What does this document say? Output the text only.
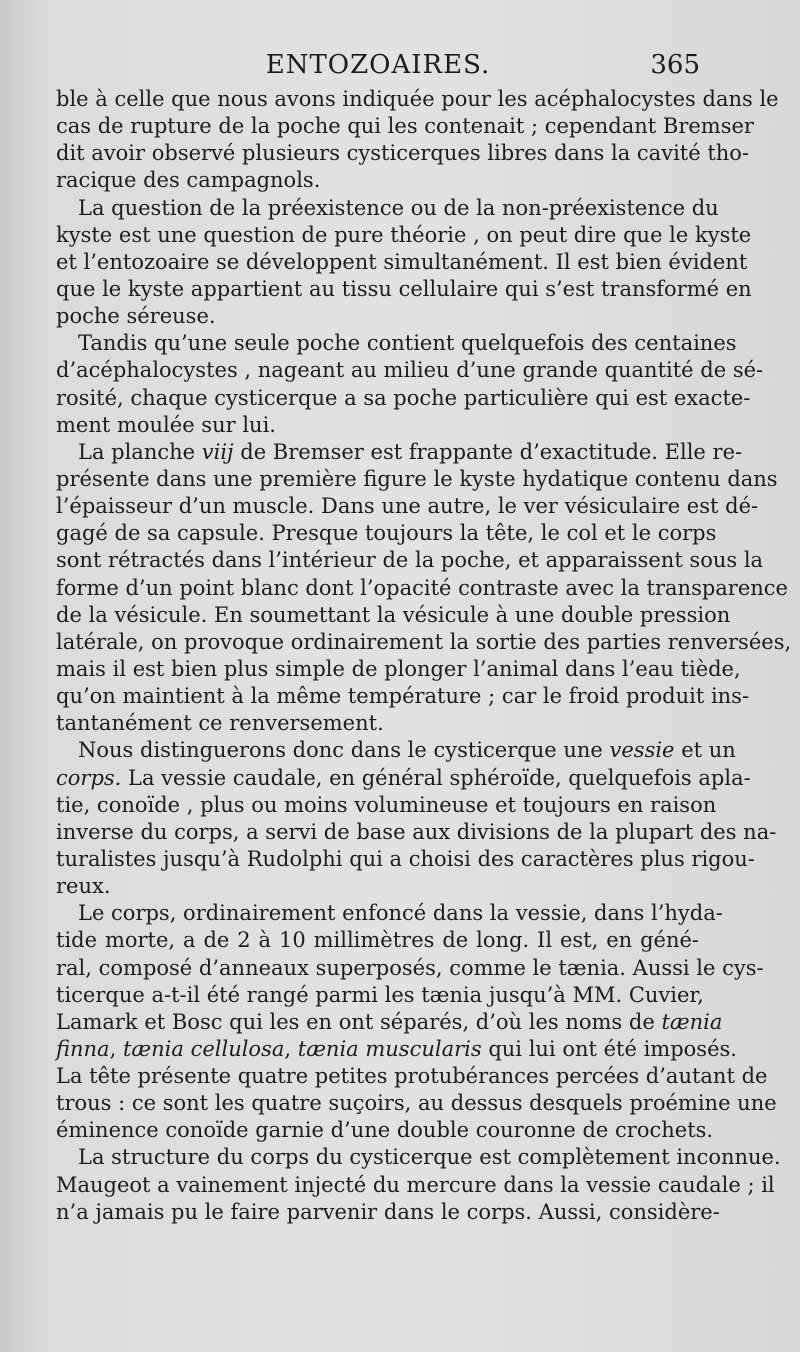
ENTOZOAIRES.	365
ble à celle que nous avons indiquée pour les acéphalocystes dans le
cas de rupture de la poche qui les contenait ; cependant Bremser
dit avoir observé plusieurs cysticerques libres dans la cavité tho-
racique des campagnols.
La question de la préexistence ou de la non-préexistence du
kyste est une question de pure théorie , on peut dire que le kyste
et l’entozoaire se développent simultanément. Il est bien évident
que le kyste appartient au tissu cellulaire qui s’est transformé en
poche séreuse.
Tandis qu’une seule poche contient quelquefois des centaines
d’acéphalocystes , nageant au milieu d’une grande quantité de sé-
rosité, chaque cysticerque a sa poche particulière qui est exacte-
ment moulée sur lui.
La planche viij de Bremser est frappante d’exactitude. Elle re-
présente dans une première figure le kyste hydatique contenu dans
l’épaisseur d’un muscle. Dans une autre, le ver vésiculaire est dé-
gagé de sa capsule. Presque toujours la tête, le col et le corps
sont rétractés dans l’intérieur de la poche, et apparaissent sous la
forme d’un point blanc dont l’opacité contraste avec la transparence
de la vésicule. En soumettant la vésicule à une double pression
latérale, on provoque ordinairement la sortie des parties renversées,
mais il est bien plus simple de plonger l’animal dans l’eau tiède,
qu’on maintient à la même température ; car le froid produit ins-
tantanément ce renversement.
Nous distinguerons donc dans le cysticerque une vessie et un
corps. La vessie caudale, en général sphéroïde, quelquefois apla-
tie, conoïde , plus ou moins volumineuse et toujours en raison
inverse du corps, a servi de base aux divisions de la plupart des na-
turalistes jusqu’à Rudolphi qui a choisi des caractères plus rigou-
reux.
Le corps, ordinairement enfoncé dans la vessie, dans l’hyda-
tide morte, a de 2 à 10 millimètres de long. Il est, en géné-
ral, composé d’anneaux superposés, comme le tænia. Aussi le cys-
ticerque a-t-il été rangé parmi les tænia jusqu’à MM. Cuvier,
Lamark et Bosc qui les en ont séparés, d’où les noms de tænia
finna, tænia cellulosa, tænia muscularis qui lui ont été imposés.
La tête présente quatre petites protubérances percées d’autant de
trous : ce sont les quatre suçoirs, au dessus desquels proémine une
éminence conoïde garnie d’une double couronne de crochets.
La structure du corps du cysticerque est complètement inconnue.
Maugeot a vainement injecté du mercure dans la vessie caudale ; il
n’a jamais pu le faire parvenir dans le corps. Aussi, considère-
